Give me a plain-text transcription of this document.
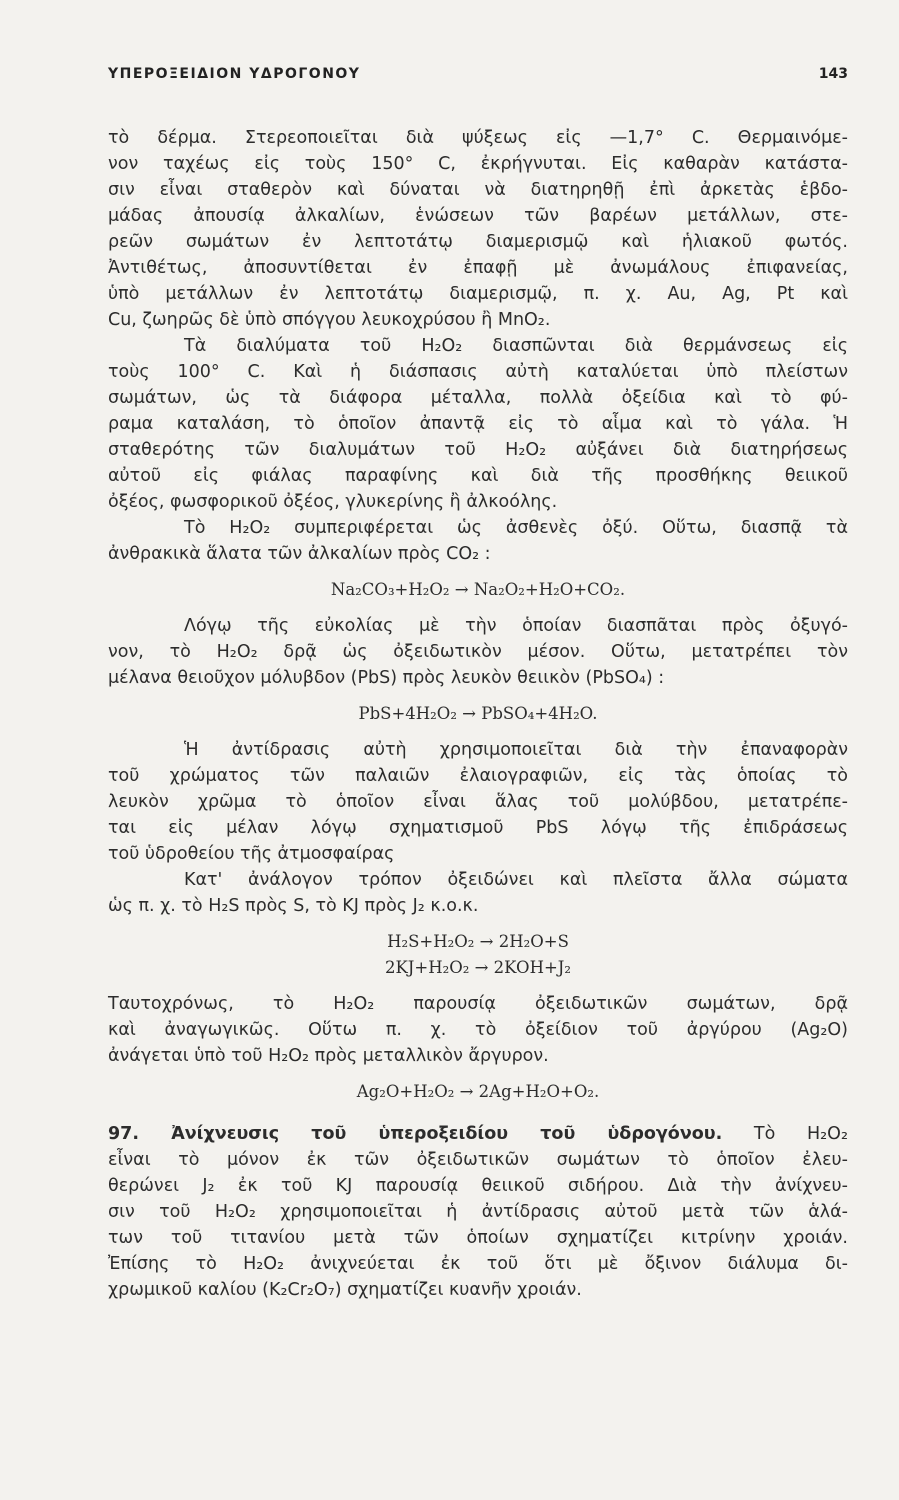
ΥΠΕΡΟΞΕΙΔΙΟΝ ΥΔΡΟΓΟΝΟΥ	143
τὸ δέρμα. Στερεοποιεῖται διὰ ψύξεως εἰς —1,7° C. Θερμαινόμε-
νον ταχέως εἰς τοὺς 150° C, ἐκρήγνυται. Εἰς καθαρὰν κατάστα-
σιν εἶναι σταθερὸν καὶ δύναται νὰ διατηρηθῇ ἐπὶ ἀρκετὰς ἑβδο-
μάδας ἀπουσίᾳ ἀλκαλίων, ἑνώσεων τῶν βαρέων μετάλλων, στε-
ρεῶν σωμάτων ἐν λεπτοτάτῳ διαμερισμῷ καὶ ἡλιακοῦ φωτός.
Ἀντιθέτως, ἀποσυντίθεται ἐν ἐπαφῇ μὲ ἀνωμάλους ἐπιφανείας,
ὑπὸ μετάλλων ἐν λεπτοτάτῳ διαμερισμῷ, π. χ. Au, Ag, Pt καὶ
Cu, ζωηρῶς δὲ ὑπὸ σπόγγου λευκοχρύσου ἢ MnO₂.
Τὰ διαλύματα τοῦ H₂O₂ διασπῶνται διὰ θερμάνσεως εἰς
τοὺς 100° C. Καὶ ἡ διάσπασις αὐτὴ καταλύεται ὑπὸ πλείστων
σωμάτων, ὡς τὰ διάφορα μέταλλα, πολλὰ ὀξείδια καὶ τὸ φύ-
ραμα καταλάση, τὸ ὁποῖον ἀπαντᾷ εἰς τὸ αἷμα καὶ τὸ γάλα. Ἡ
σταθερότης τῶν διαλυμάτων τοῦ H₂O₂ αὐξάνει διὰ διατηρήσεως
αὐτοῦ εἰς φιάλας παραφίνης καὶ διὰ τῆς προσθήκης θειικοῦ
ὀξέος, φωσφορικοῦ ὀξέος, γλυκερίνης ἢ ἀλκοόλης.
Τὸ H₂O₂ συμπεριφέρεται ὡς ἀσθενὲς ὀξύ. Οὕτω, διασπᾷ τὰ
ἀνθρακικὰ ἅλατα τῶν ἀλκαλίων πρὸς CO₂ :
Na₂CO₃+H₂O₂ → Na₂O₂+H₂O+CO₂.
Λόγῳ τῆς εὐκολίας μὲ τὴν ὁποίαν διασπᾶται πρὸς ὀξυγό-
νον, τὸ H₂O₂ δρᾷ ὡς ὀξειδωτικὸν μέσον. Οὕτω, μετατρέπει τὸν
μέλανα θειοῦχον μόλυβδον (PbS) πρὸς λευκὸν θειικὸν (PbSO₄) :
PbS+4H₂O₂ → PbSO₄+4H₂O.
Ἡ ἀντίδρασις αὐτὴ χρησιμοποιεῖται διὰ τὴν ἐπαναφορὰν
τοῦ χρώματος τῶν παλαιῶν ἐλαιογραφιῶν, εἰς τὰς ὁποίας τὸ
λευκὸν χρῶμα τὸ ὁποῖον εἶναι ἅλας τοῦ μολύβδου, μετατρέπε-
ται εἰς μέλαν λόγῳ σχηματισμοῦ PbS λόγῳ τῆς ἐπιδράσεως
τοῦ ὑδροθείου τῆς ἀτμοσφαίρας
Κατ' ἀνάλογον τρόπον ὀξειδώνει καὶ πλεῖστα ἄλλα σώματα
ὡς π. χ. τὸ H₂S πρὸς S, τὸ KJ πρὸς J₂ κ.ο.κ.
H₂S+H₂O₂ → 2H₂O+S
2KJ+H₂O₂ → 2KOH+J₂
Ταυτοχρόνως, τὸ H₂O₂ παρουσίᾳ ὀξειδωτικῶν σωμάτων, δρᾷ
καὶ ἀναγωγικῶς. Οὕτω π. χ. τὸ ὀξείδιον τοῦ ἀργύρου (Ag₂O)
ἀνάγεται ὑπὸ τοῦ H₂O₂ πρὸς μεταλλικὸν ἄργυρον.
Ag₂O+H₂O₂ → 2Ag+H₂O+O₂.
97. Ἀνίχνευσις τοῦ ὑπεροξειδίου τοῦ ὑδρογόνου. Τὸ H₂O₂
εἶναι τὸ μόνον ἐκ τῶν ὀξειδωτικῶν σωμάτων τὸ ὁποῖον ἐλευ-
θερώνει J₂ ἐκ τοῦ KJ παρουσίᾳ θειικοῦ σιδήρου. Διὰ τὴν ἀνίχνευ-
σιν τοῦ H₂O₂ χρησιμοποιεῖται ἡ ἀντίδρασις αὐτοῦ μετὰ τῶν ἁλά-
των τοῦ τιτανίου μετὰ τῶν ὁποίων σχηματίζει κιτρίνην χροιάν.
Ἐπίσης τὸ H₂O₂ ἀνιχνεύεται ἐκ τοῦ ὅτι μὲ ὄξινον διάλυμα δι-
χρωμικοῦ καλίου (K₂Cr₂O₇) σχηματίζει κυανῆν χροιάν.
